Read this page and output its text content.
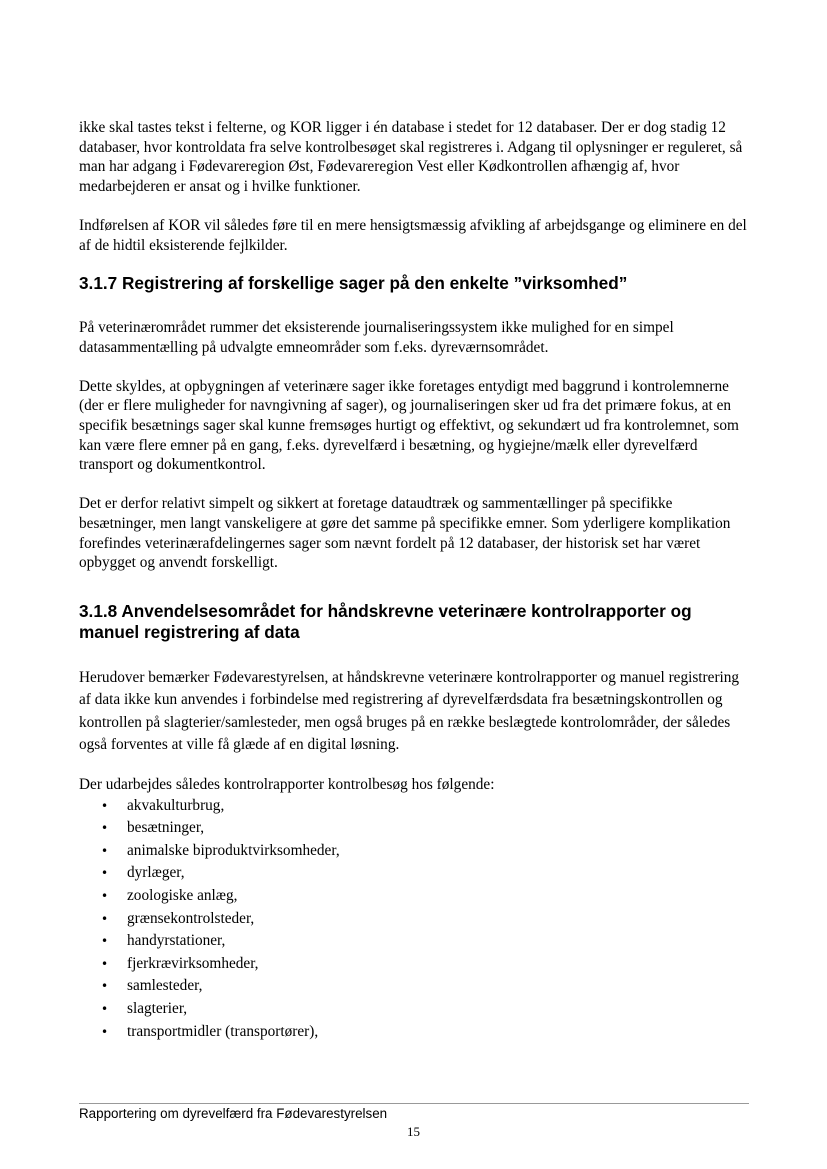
ikke skal tastes tekst i felterne, og KOR ligger i én database i stedet for 12 databaser. Der er dog stadig 12 databaser, hvor kontroldata fra selve kontrolbesøget skal registreres i. Adgang til oplysninger er reguleret, så man har adgang i Fødevareregion Øst, Fødevareregion Vest eller Kødkontrollen afhængig af, hvor medarbejderen er ansat og i hvilke funktioner.

Indførelsen af KOR vil således føre til en mere hensigtsmæssig afvikling af arbejdsgange og eliminere en del af de hidtil eksisterende fejlkilder.

3.1.7 Registrering af forskellige sager på den enkelte ”virksomhed”

På veterinærområdet rummer det eksisterende journaliseringssystem ikke mulighed for en simpel datasammentælling på udvalgte emneområder som f.eks. dyreværnsområdet.

Dette skyldes, at opbygningen af veterinære sager ikke foretages entydigt med baggrund i kontrolemnerne (der er flere muligheder for navngivning af sager), og journaliseringen sker ud fra det primære fokus, at en specifik besætnings sager skal kunne fremsøges hurtigt og effektivt, og sekundært ud fra kontrolemnet, som kan være flere emner på en gang, f.eks. dyrevelfærd i besætning, og hygiejne/mælk eller dyrevelfærd transport og dokumentkontrol.

Det er derfor relativt simpelt og sikkert at foretage dataudtræk og sammentællinger på specifikke besætninger, men langt vanskeligere at gøre det samme på specifikke emner. Som yderligere komplikation forefindes veterinærafdelingernes sager som nævnt fordelt på 12 databaser, der historisk set har været opbygget og anvendt forskelligt.

3.1.8 Anvendelsesområdet for håndskrevne veterinære kontrolrapporter og manuel registrering af data

Herudover bemærker Fødevarestyrelsen, at håndskrevne veterinære kontrolrapporter og manuel registrering af data ikke kun anvendes i forbindelse med registrering af dyrevelfærdsdata fra besætningskontrollen og kontrollen på slagterier/samlesteder, men også bruges på en række beslægtede kontrolområder, der således også forventes at ville få glæde af en digital løsning.

Der udarbejdes således kontrolrapporter kontrolbesøg hos følgende:

• akvakulturbrug,
• besætninger,
• animalske biproduktvirksomheder,
• dyrlæger,
• zoologiske anlæg,
• grænsekontrolsteder,
• handyrstationer,
• fjerkrævirksomheder,
• samlesteder,
• slagterier,
• transportmidler (transportører),
Rapportering om dyrevelfærd fra Fødevarestyrelsen
15
